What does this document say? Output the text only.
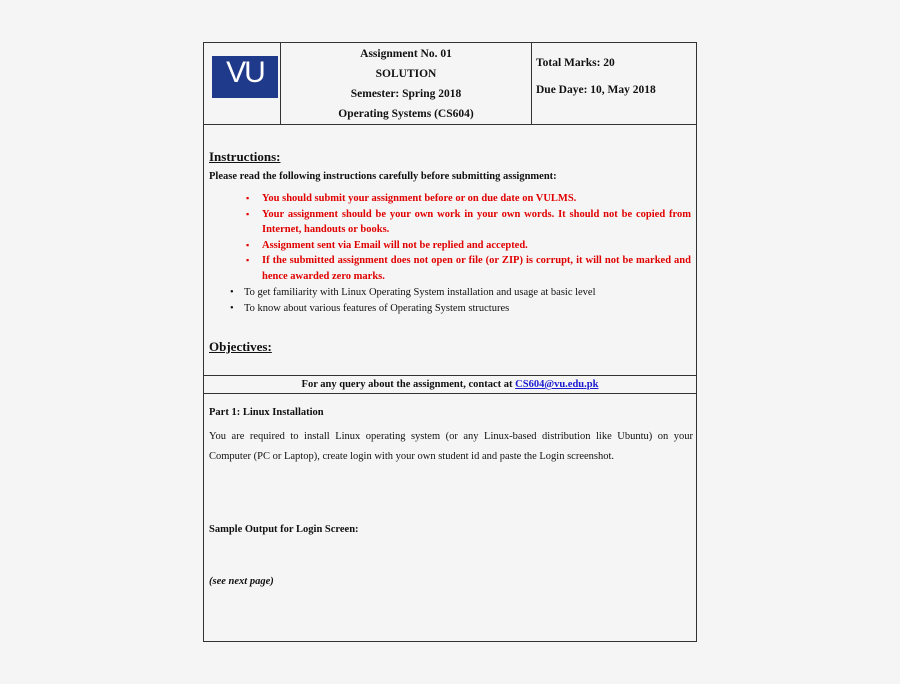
VU
Virtual University
Assignment No. 01
SOLUTION
Semester: Spring 2018
Operating Systems (CS604)
Total Marks: 20
Due Daye: 10, May 2018
Instructions:
Please read the following instructions carefully before submitting assignment:
▪ You should submit your assignment before or on due date on VULMS.
▪ Your assignment should be your own work in your own words. It should not be copied from Internet, handouts or books.
▪ Assignment sent via Email will not be replied and accepted.
▪ If the submitted assignment does not open or file (or ZIP) is corrupt, it will not be marked and hence awarded zero marks.
Objectives:
• To get familiarity with Linux Operating System installation and usage at basic level
• To know about various features of Operating System structures
For any query about the assignment, contact at CS604@vu.edu.pk
Part 1: Linux Installation
You are required to install Linux operating system (or any Linux-based distribution like Ubuntu) on your Computer (PC or Laptop), create login with your own student id and paste the Login screenshot.
Sample Output for Login Screen:
(see next page)
